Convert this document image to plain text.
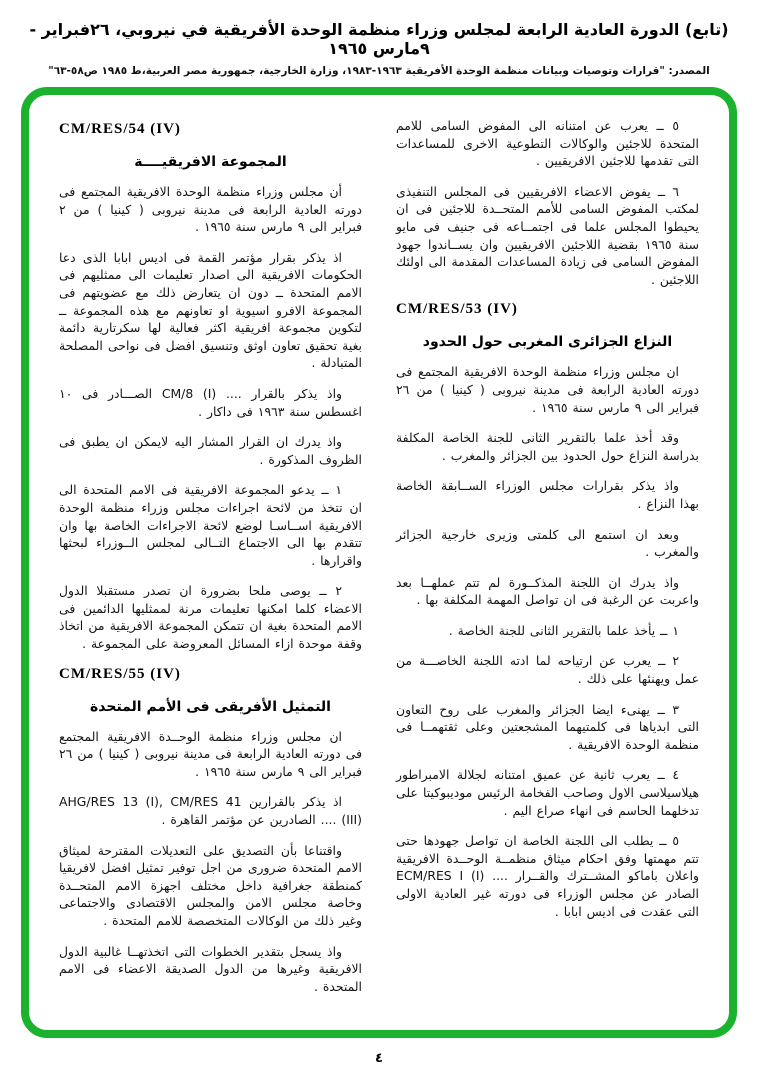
(تابع) الدورة العادية الرابعة لمجلس وزراء منظمة الوحدة الأفريقية في نيروبي، ٢٦فبراير - ٩مارس ١٩٦٥
المصدر: "قرارات وتوصيات وبيانات منظمة الوحدة الأفريقية ١٩٦٣-١٩٨٣، وزارة الخارجية، جمهورية مصر العربية،ط ١٩٨٥ ص٥٨-٦٣"

٥ ــ يعرب عن امتنانه الى المفوض السامى للامم المتحدة للاجئين والوكالات التطوعية الاخرى للمساعدات التى تقدمها للاجئين الافريقيين .

٦ ــ يفوض الاعضاء الافريقيين فى المجلس التنفيذى لمكتب المفوض السامى للأمم المتحــدة للاجئين فى ان يحيطوا المجلس علما فى اجتمــاعه فى جنيف فى مايو سنة ١٩٦٥ بقضية اللاجئين الافريقيين وان يســاندوا جهود المفوض السامى فى زيادة المساعدات المقدمة الى اولئك اللاجئين .

CM/RES/53 (IV)
النزاع الجزائرى المغربى حول الحدود

ان مجلس وزراء منظمة الوحدة الافريقية المجتمع فى دورته العادية الرابعة فى مدينة نيروبى ( كينيا ) من ٢٦ فبراير الى ٩ مارس سنة ١٩٦٥ .

وقد أخذ علما بالتقرير الثانى للجنة الخاصة المكلفة بدراسة النزاع حول الحدود بين الجزائر والمغرب .

واذ يذكر بقرارات مجلس الوزراء الســابقة الخاصة بهذا النزاع .

وبعد ان استمع الى كلمتى وزيرى خارجية الجزائر والمغرب .

واذ يدرك ان اللجنة المذكــورة لم تتم عملهــا بعد واعربت عن الرغبة فى ان تواصل المهمة المكلفة بها .

١ ــ يأخذ علما بالتقرير الثانى للجنة الخاصة .

٢ ــ يعرب عن ارتياحه لما ادته اللجنة الخاصـــة من عمل ويهنئها على ذلك .

٣ ــ يهنىء ايضا الجزائر والمغرب على روح التعاون التى ابدياها فى كلمتيهما المشجعتين وعلى ثقتهمــا فى منظمة الوحدة الافريقية .

٤ ــ يعرب ثانية عن عميق امتنانه لجلالة الامبراطور هيلاسيلاسى الاول وصاحب الفخامة الرئيس موديبوكيتا على تدخلهما الحاسم فى انهاء صراع اليم .

٥ ــ يطلب الى اللجنة الخاصة ان تواصل جهودها حتى تتم مهمتها وفق احكام ميثاق منظمــة الوحــدة الافريقية واعلان باماكو المشــترك والقــرار .... ECM/RES I (I) الصادر عن مجلس الوزراء فى دورته غير العادية الاولى التى عقدت فى اديس ابابا .

CM/RES/54 (IV)
المجموعة الافريقيــــة

أن مجلس وزراء منظمة الوحدة الافريقية المجتمع فى دورته العادية الرابعة فى مدينة نيروبى ( كينيا ) من ٢ فبراير الى ٩ مارس سنة ١٩٦٥ .

اذ يذكر بقرار مؤتمر القمة فى اديس ابابا الذى دعا الحكومات الافريقية الى اصدار تعليمات الى ممثليهم فى الامم المتحدة ــ دون ان يتعارض ذلك مع عضويتهم فى المجموعة الافرو اسيوية او تعاونهم مع هذه المجموعة ــ لتكوين مجموعة افريقية اكثر فعالية لها سكرتارية دائمة بغية تحقيق تعاون اوثق وتنسيق افضل فى نواحى المصلحة المتبادلة .

واذ يذكر بالقرار .... CM/8 (I) الصـــادر فى ١٠ اغسطس سنة ١٩٦٣ فى داكار .

واذ يدرك ان القرار المشار اليه لايمكن ان يطبق فى الظروف المذكورة .

١ ــ يدعو المجموعة الافريقية فى الامم المتحدة الى ان تتخذ من لائحة اجراءات مجلس وزراء منظمة الوحدة الافريقية اســاسـا لوضع لائحة الاجراءات الخاصة بها وان تتقدم بها الى الاجتماع التــالى لمجلس الــوزراء لبحثها واقرارها .

٢ ــ يوصى ملحا بضرورة ان تصدر مستقبلا الدول الاعضاء كلما امكنها تعليمات مرنة لممثليها الدائمين فى الامم المتحدة بغية ان تتمكن المجموعة الافريقية من اتخاذ وقفة موحدة ازاء المسائل المعروضة على المجموعة .

CM/RES/55 (IV)
التمثيل الأفريقى فى الأمم المتحدة

ان مجلس وزراء منظمة الوحــدة الافريقية المجتمع فى دورته العادية الرابعة فى مدينة نيروبى ( كينيا ) من ٢٦ فبراير الى ٩ مارس سنة ١٩٦٥ .

اذ يذكر بالقرارين AHG/RES 13 (I), CM/RES 41 (III) .... الصادرين عن مؤتمر القاهرة .

واقتناعا بأن التصديق على التعديلات المقترحة لميثاق الامم المتحدة ضرورى من اجل توفير تمثيل افضل لافريقيا كمنطقة جغرافية داخل مختلف اجهزة الامم المتحــدة وخاصة مجلس الامن والمجلس الاقتصادى والاجتماعى وغير ذلك من الوكالات المتخصصة للامم المتحدة .

واذ يسجل بتقدير الخطوات التى اتخذتهــا غالبية الدول الافريقية وغيرها من الدول الصديقة الاعضاء فى الامم المتحدة .

٤
